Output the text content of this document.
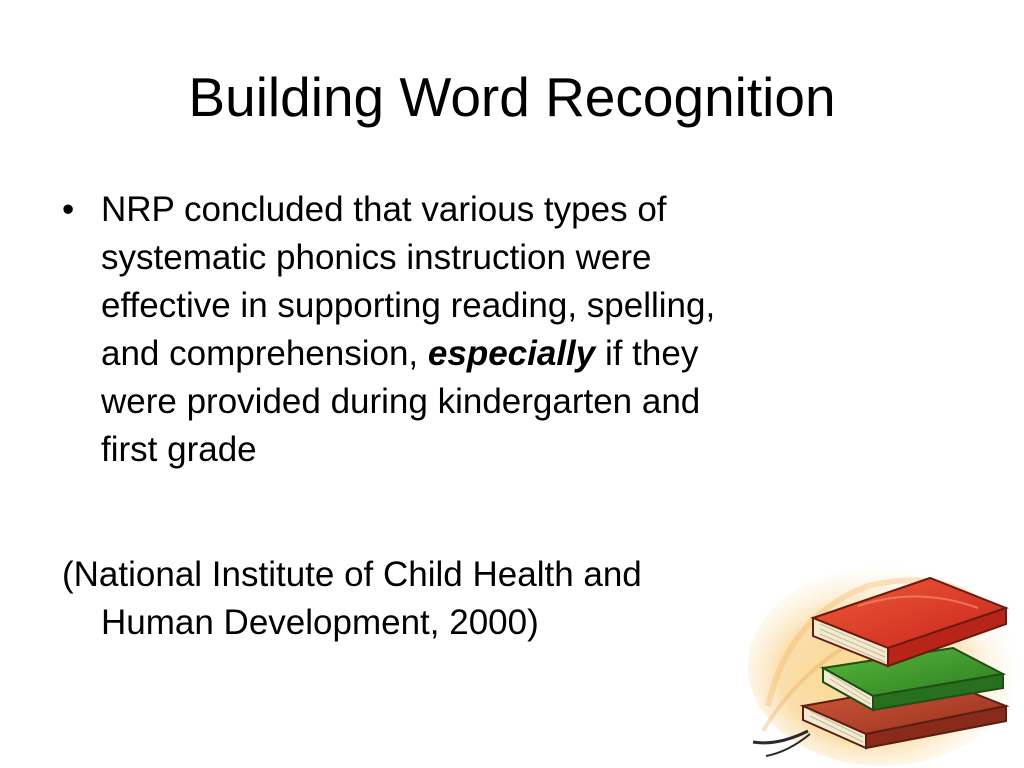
Building Word Recognition
• NRP concluded that various types of
systematic phonics instruction were
effective in supporting reading, spelling,
and comprehension, especially if they
were provided during kindergarten and
first grade
(National Institute of Child Health and
Human Development, 2000)
